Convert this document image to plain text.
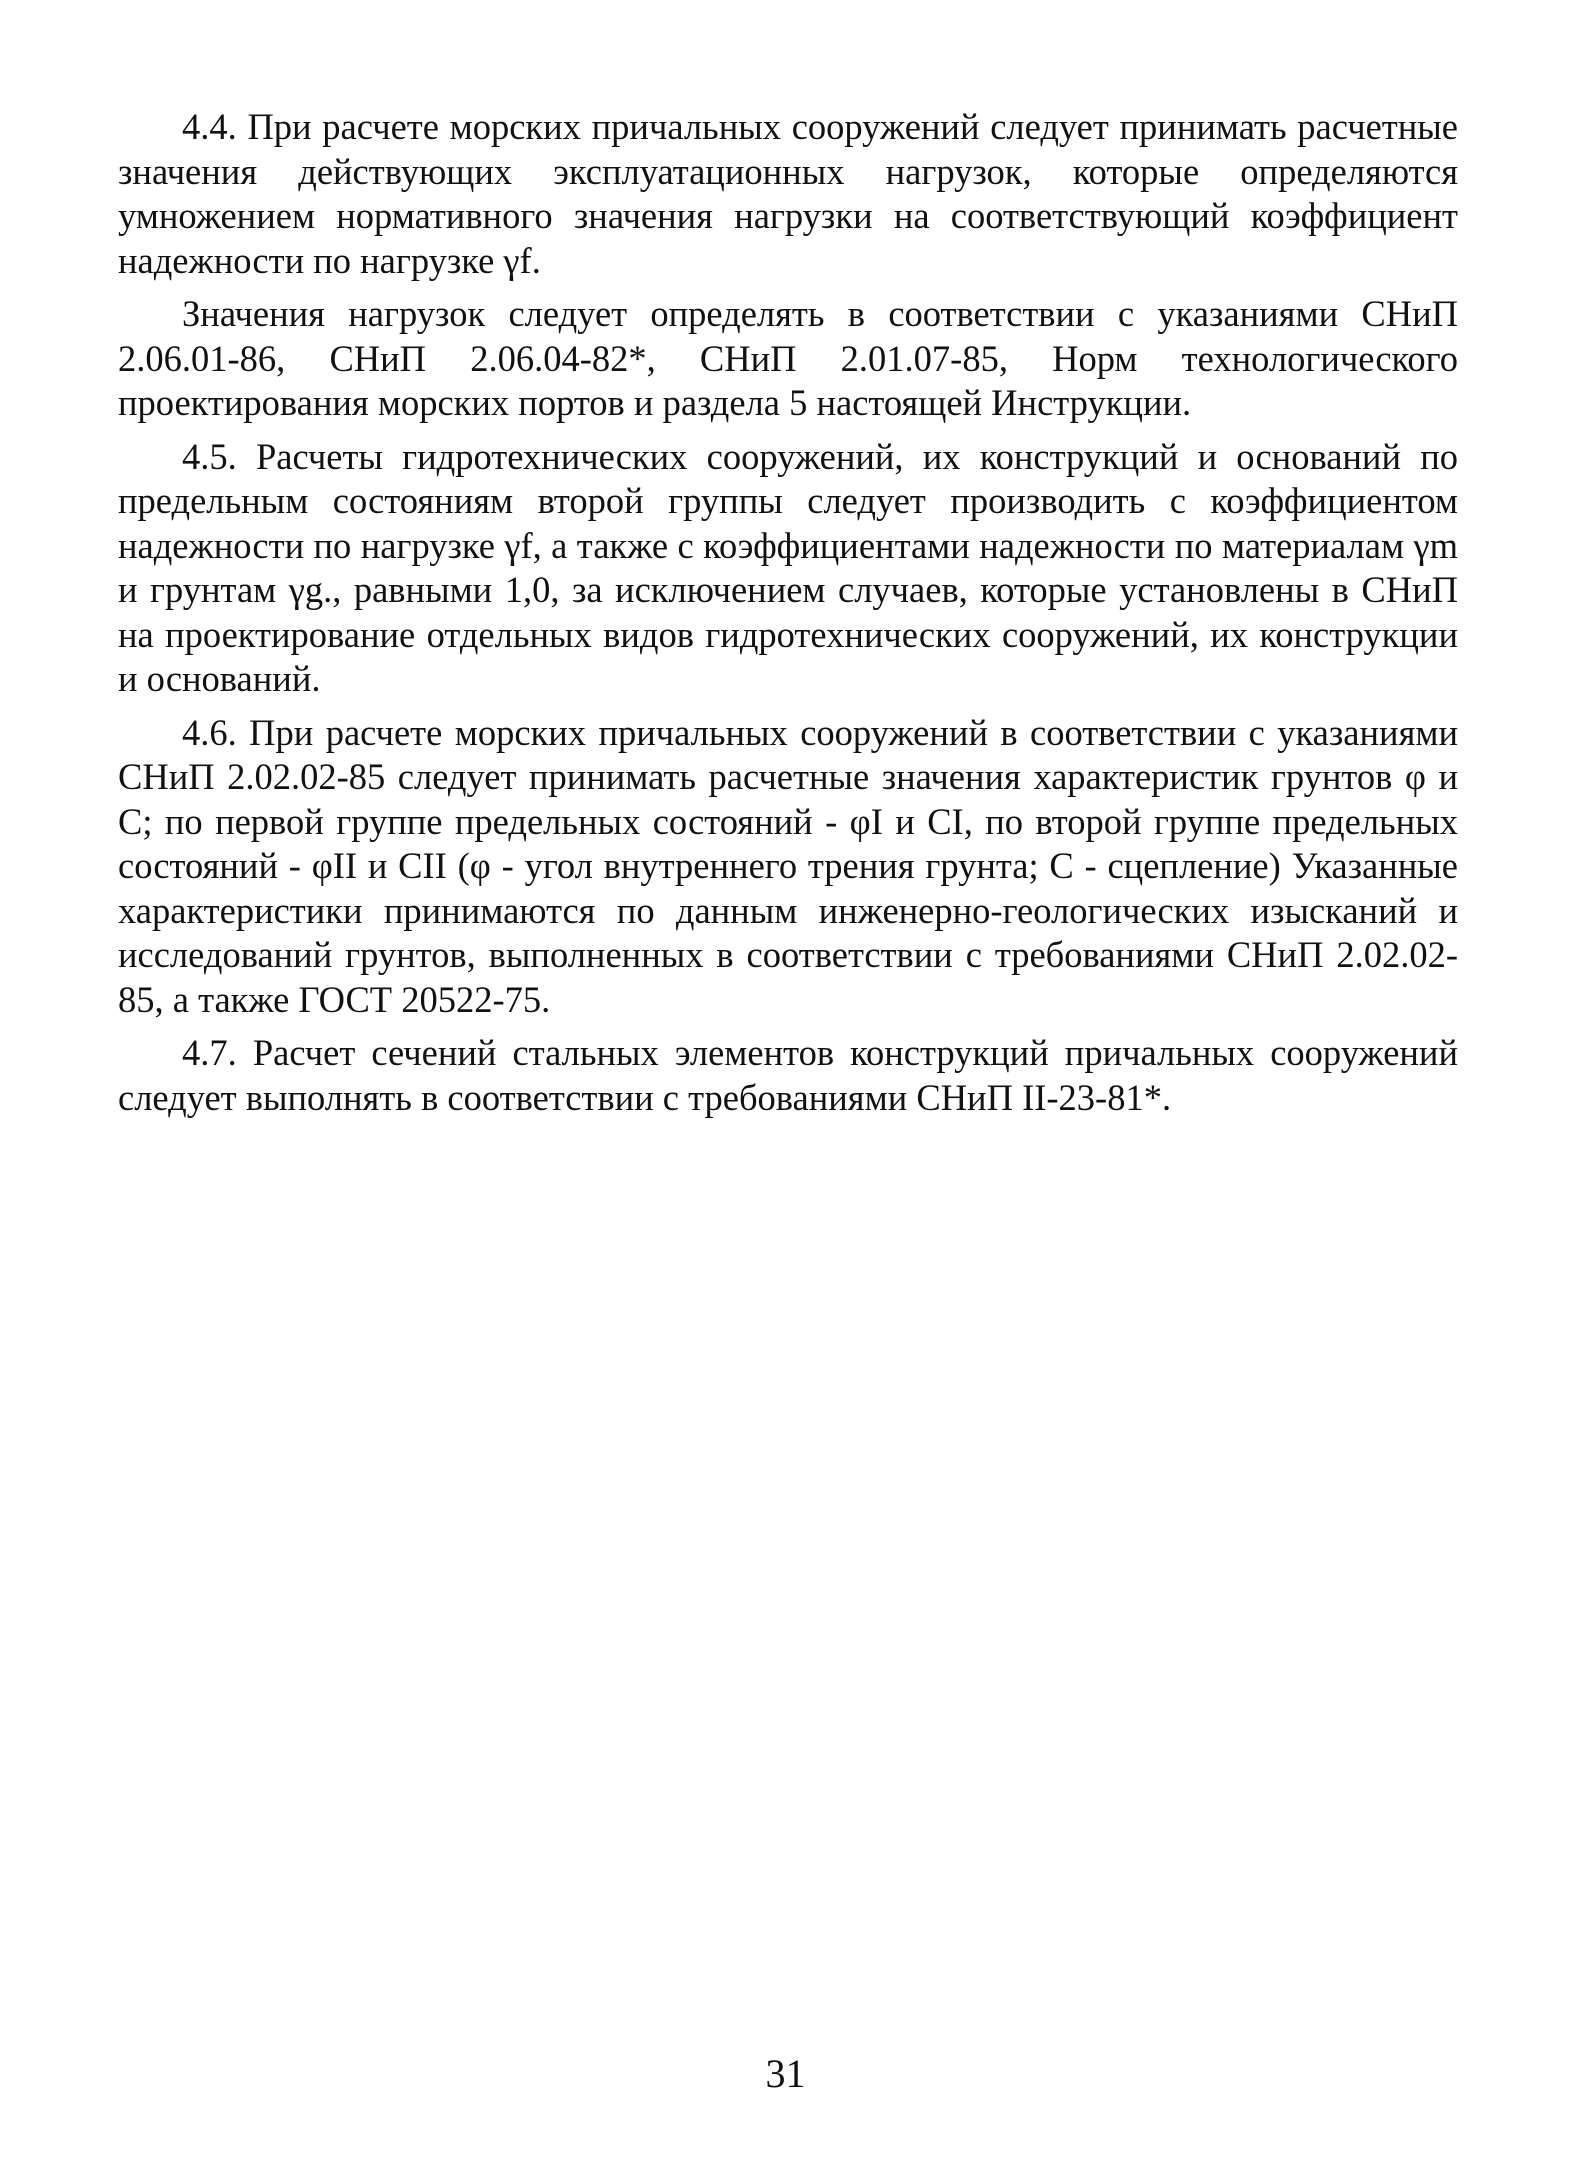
4.4. При расчете морских причальных сооружений следует принимать расчетные значения действующих эксплуатационных нагрузок, которые определяются умножением нормативного значения нагрузки на соответствующий коэффициент надежности по нагрузке γf.

Значения нагрузок следует определять в соответствии с указаниями СНиП 2.06.01-86, СНиП 2.06.04-82*, СНиП 2.01.07-85, Норм технологического проектирования морских портов и раздела 5 настоящей Инструкции.

4.5. Расчеты гидротехнических сооружений, их конструкций и оснований по предельным состояниям второй группы следует производить с коэффициентом надежности по нагрузке γf, а также с коэффициентами надежности по материалам γm и грунтам γg., равными 1,0, за исключением случаев, которые установлены в СНиП на проектирование отдельных видов гидротехнических сооружений, их конструкции и оснований.

4.6. При расчете морских причальных сооружений в соответствии с указаниями СНиП 2.02.02-85 следует принимать расчетные значения характеристик грунтов φ и C; по первой группе предельных состояний - φI и CI, по второй группе предельных состояний - φII и CII (φ - угол внутреннего трения грунта; C - сцепление) Указанные характеристики принимаются по данным инженерно-геологических изысканий и исследований грунтов, выполненных в соответствии с требованиями СНиП 2.02.02-85, а также ГОСТ 20522-75.

4.7. Расчет сечений стальных элементов конструкций причальных сооружений следует выполнять в соответствии с требованиями СНиП II-23-81*.

31
